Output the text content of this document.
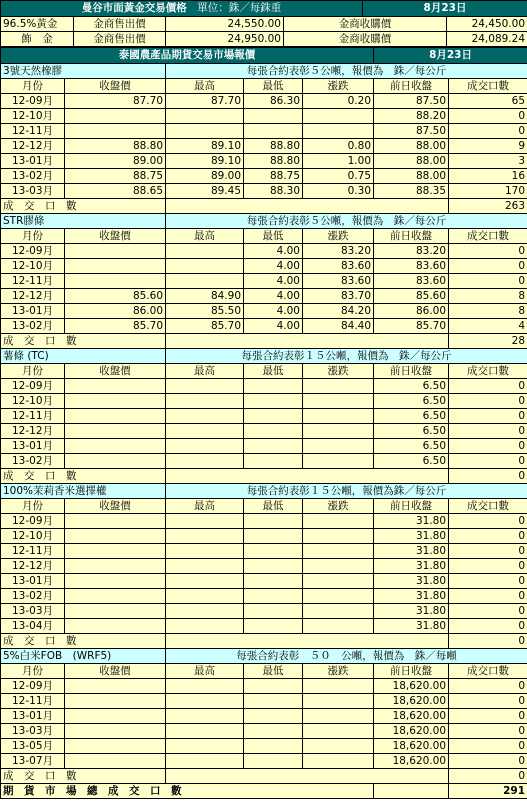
曼谷市面黃金交易價格　 單位：銖／每銖重				8月23日	
96.5%黃金	金商售出價	24,550.00	金商收購價		24,450.00
飾　金	金商售出價	24,950.00	金商收購價		24,089.24
泰國農產品期貨交易市場報價					8月23日	
3號天然橡膠		每張合約表彰５公噸，報價為　銖／每公斤				
月份	收盤價	最高	最低	漲跌	前日收盤	成交口數
12-09月	87.70	87.70	86.30	0.20	87.50	65
12-10月					88.20	0
12-11月					87.50	0
12-12月	88.80	89.10	88.80	0.80	88.00	9
13-01月	89.00	89.10	88.80	1.00	88.00	3
13-02月	88.75	89.00	88.75	0.75	88.00	16
13-03月	88.65	89.45	88.30	0.30	88.35	170
成　交　口　數						263
STR膠條		每張合約表彰５公噸，報價為　銖／每公斤				
月份	收盤價	最高	最低	漲跌	前日收盤	成交口數
12-09月			4.00	83.20	83.20	0
12-10月			4.00	83.60	83.60	0
12-11月			4.00	83.60	83.60	0
12-12月	85.60	84.90	4.00	83.70	85.60	8
13-01月	86.00	85.50	4.00	84.20	86.00	8
13-02月	85.70	85.70	4.00	84.40	85.70	4
成　交　口　數						28
薯條 (TC)		每張合約表彰１５公噸，報價為　銖／每公斤				
月份	收盤價	最高	最低	漲跌	前日收盤	成交口數
12-09月					6.50	0
12-10月					6.50	0
12-11月					6.50	0
12-12月					6.50	0
13-01月					6.50	0
13-02月					6.50	0
成　交　口　數						0
100%茉莉香米選擇權		每張合約表彰１５公噸，報價為銖／每公斤				
月份	收盤價	最高	最低	漲跌	前日收盤	成交口數
12-09月					31.80	0
12-10月					31.80	0
12-11月					31.80	0
12-12月					31.80	0
13-01月					31.80	0
13-02月					31.80	0
13-03月					31.80	0
13-04月					31.80	0
成　交　口　數						0
5%白米FOB　(WRF5)		每張合約表彰　５０　公噸，報價為　銖／每噸				
月份	收盤價	最高	最低	漲跌	前日收盤	成交口數
12-09月					18,620.00	0
12-11月					18,620.00	0
13-01月					18,620.00	0
13-03月					18,620.00	0
13-05月					18,620.00	0
13-07月					18,620.00	0
成　交　口　數						0
期　貨　市　場　總　成　交　口　數						291
